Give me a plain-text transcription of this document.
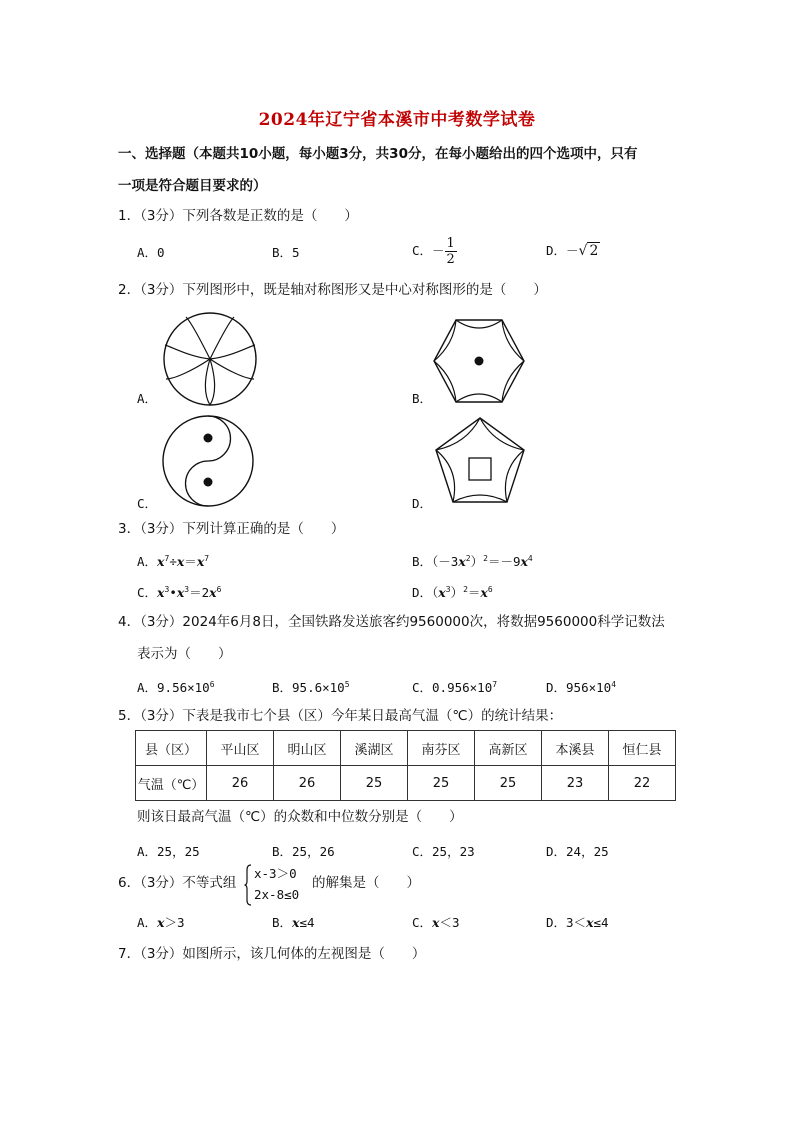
2024年辽宁省本溪市中考数学试卷
一、选择题（本题共10小题，每小题3分，共30分，在每小题给出的四个选项中，只有
一项是符合题目要求的）
1．（3分）下列各数是正数的是（　　）
A．0	B．5	C．－ $\frac{1}{2}$	D．－√ 2
2．（3分）下列图形中，既是轴对称图形又是中心对称图形的是（　　）
A．	B．
C．	D．
3．（3分）下列计算正确的是（　　）
A．$x^7\div x=x^7$	B．$(-3x^2)^2=-9x^4$
C．$x^3•x^3=2x^6$	D．$(x^3)^2=x^6$
4．（3分）2024年6月8日，全国铁路发送旅客约9560000次，将数据9560000科学记数法
表示为（　　）
A．$9.56\times 10^6$	B．$95.6\times 10^5$	C．$0.956\times 10^7$	D．$956\times 10^4$
5．（3分）下表是我市七个县（区）今年某日最高气温（℃）的统计结果：
县（区）	平山区	明山区	溪湖区	南芬区	高新区	本溪县	恒仁县
气温（℃）	26	26	25	25	25	23	22
则该日最高气温（℃）的众数和中位数分别是（　　）
A．25，25	B．25，26	C．25，23	D．24，25
6．（3分）不等式组
x-3＞0
2x-8≤0
的解集是（　　）
A．x＞3	B．x≤4	C．x＜3	D．3＜x≤4
7．（3分）如图所示，该几何体的左视图是（　　）
